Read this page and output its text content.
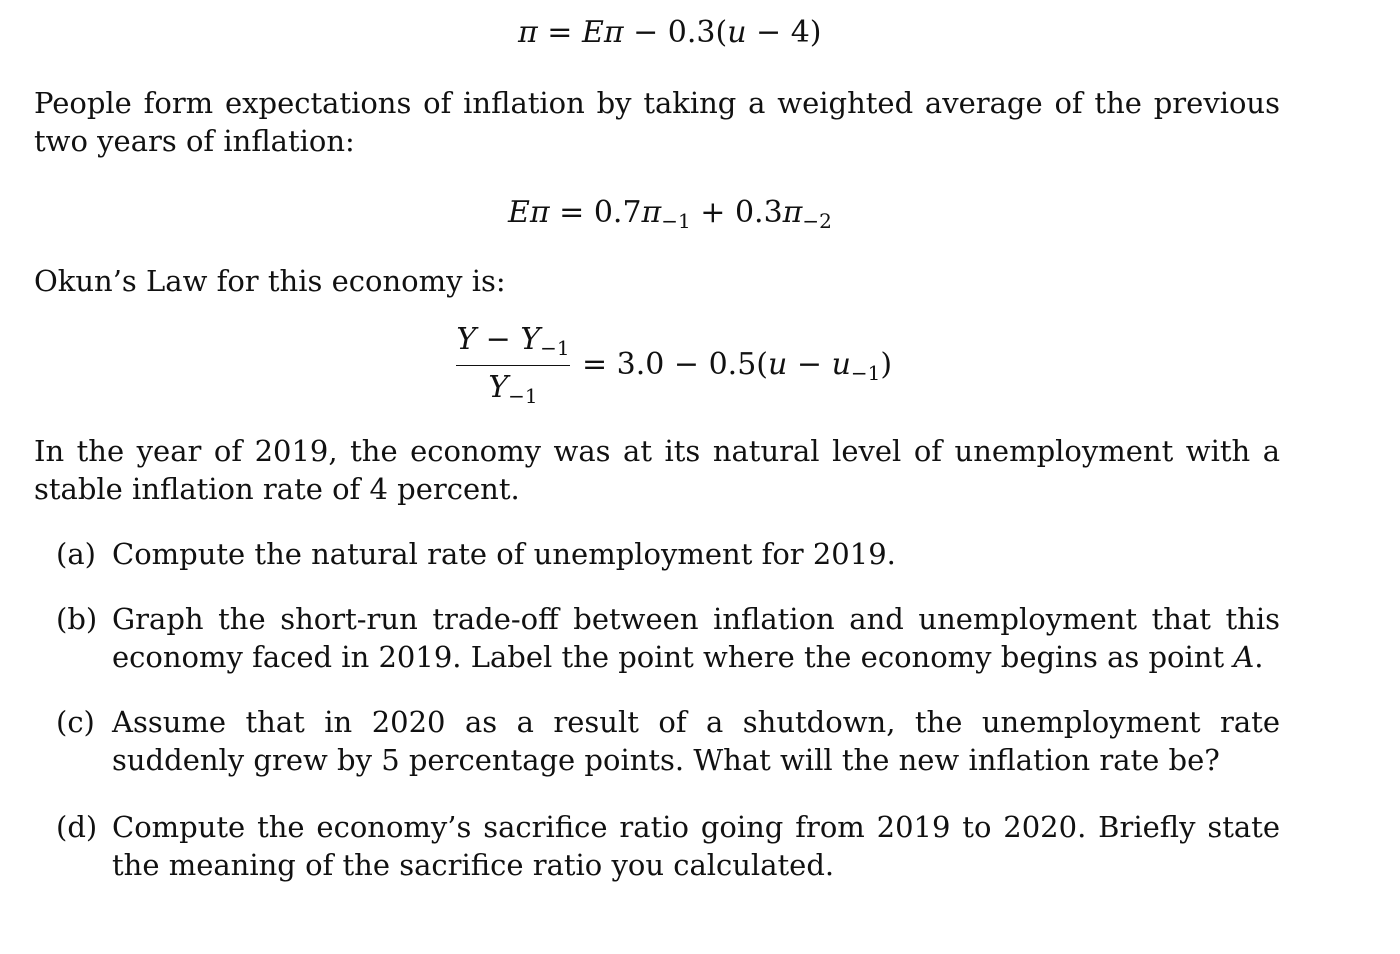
π = Eπ − 0.3(u − 4)
People form expectations of inflation by taking a weighted average of the previous two years of inflation:
$E\pi = 0.7\pi_{-1} + 0.3\pi_{-2}$
Okun’s Law for this economy is:
$Y - Y_{-1}$
$Y_{-1}$
= $3.0 - 0.5(u - u_{-1})$
In the year of 2019, the economy was at its natural level of unemployment with a stable inflation rate of 4 percent.
(a) Compute the natural rate of unemployment for 2019.
(b) Graph the short-run trade-off between inflation and unemployment that this economy faced in 2019. Label the point where the economy begins as point A.
(c) Assume that in 2020 as a result of a shutdown, the unemployment rate suddenly grew by 5 percentage points. What will the new inflation rate be?
(d) Compute the economy’s sacrifice ratio going from 2019 to 2020. Briefly state the meaning of the sacrifice ratio you calculated.
